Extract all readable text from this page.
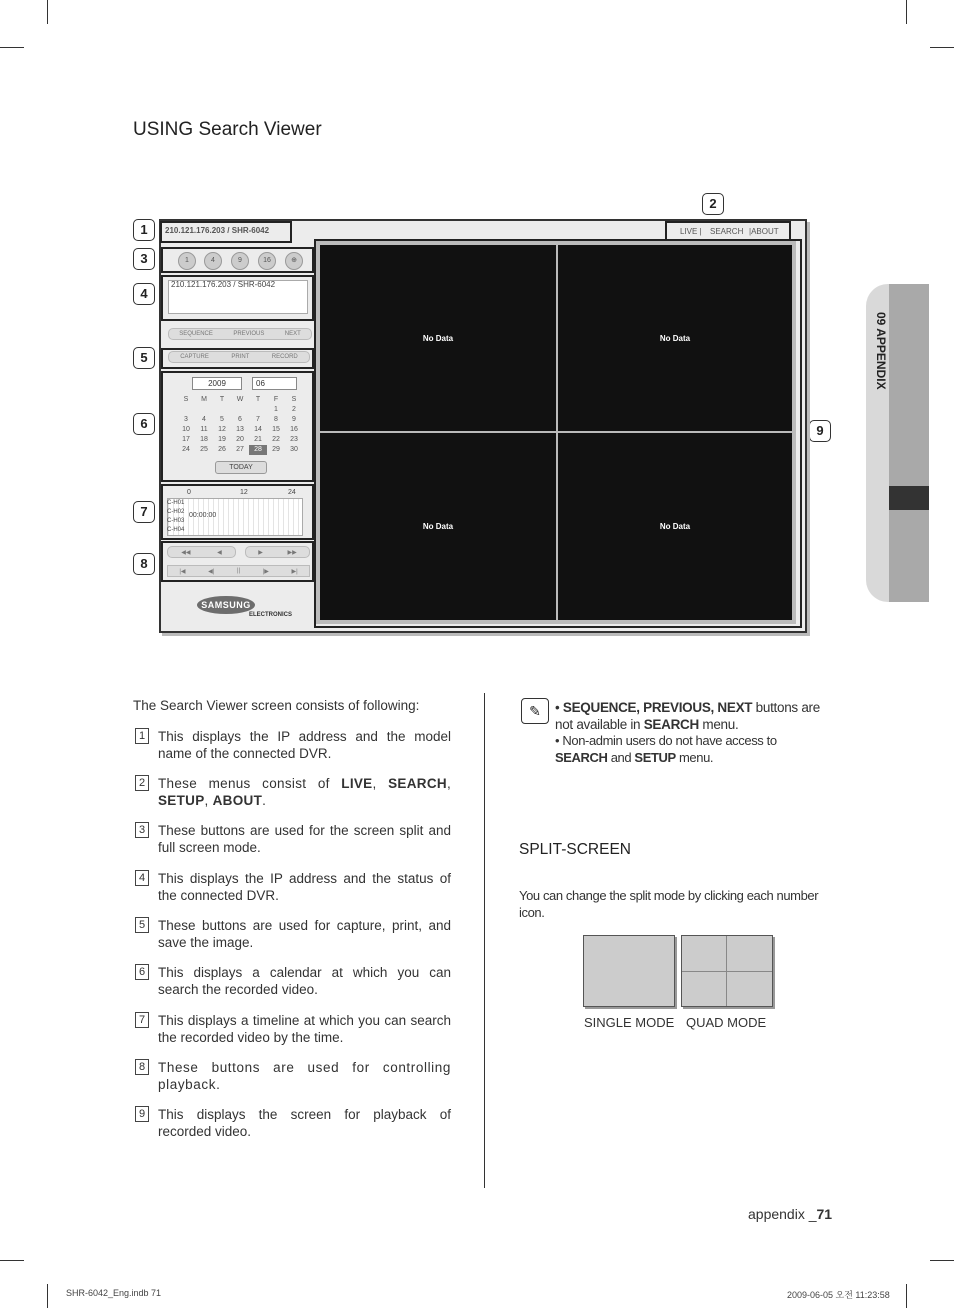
09 APPENDIX
USING Search Viewer
1
2
3
4
5
6
7
8
9
210.121.176.203 / SHR-6042	LIVE | SEARCH |ABOUT
1	4	9	16	⊕
210.121.176.203 / SHR-6042
SEQUENCE	PREVIOUS	NEXT
CAPTURE	PRINT	RECORD
2009	06
S	M	T	W	T	F	S
					1	2
3	4	5	6	7	8	9
10	11	12	13	14	15	16
17	18	19	20	21	22	23
24	25	26	27	28	29	30
TODAY
0	12	24
00:00:00
C-H01
C-H02
C-H03
C-H04
◀◀	◀	▶	▶▶
|◀	◀|	||	|▶	▶|
SAMSUNG
ELECTRONICS
No Data	No Data
No Data	No Data
The Search Viewer screen consists of following:
1 This displays the IP address and the model name of the connected DVR.
2 These menus consist of LIVE, SEARCH, SETUP, ABOUT.
3 These buttons are used for the screen split and full screen mode.
4 This displays the IP address and the status of the connected DVR.
5 These buttons are used for capture, print, and save the image.
6 This displays a calendar at which you can search the recorded video.
7 This displays a timeline at which you can search the recorded video by the time.
8 These buttons are used for controlling playback.
9 This displays the screen for playback of recorded video.
✎	• SEQUENCE, PREVIOUS, NEXT buttons are not available in SEARCH menu.
• Non-admin users do not have access to SEARCH and SETUP menu.
SPLIT-SCREEN
You can change the split mode by clicking each number icon.
SINGLE MODE QUAD MODE
appendix _71
SHR-6042_Eng.indb 71	2009-06-05 오전 11:23:58
